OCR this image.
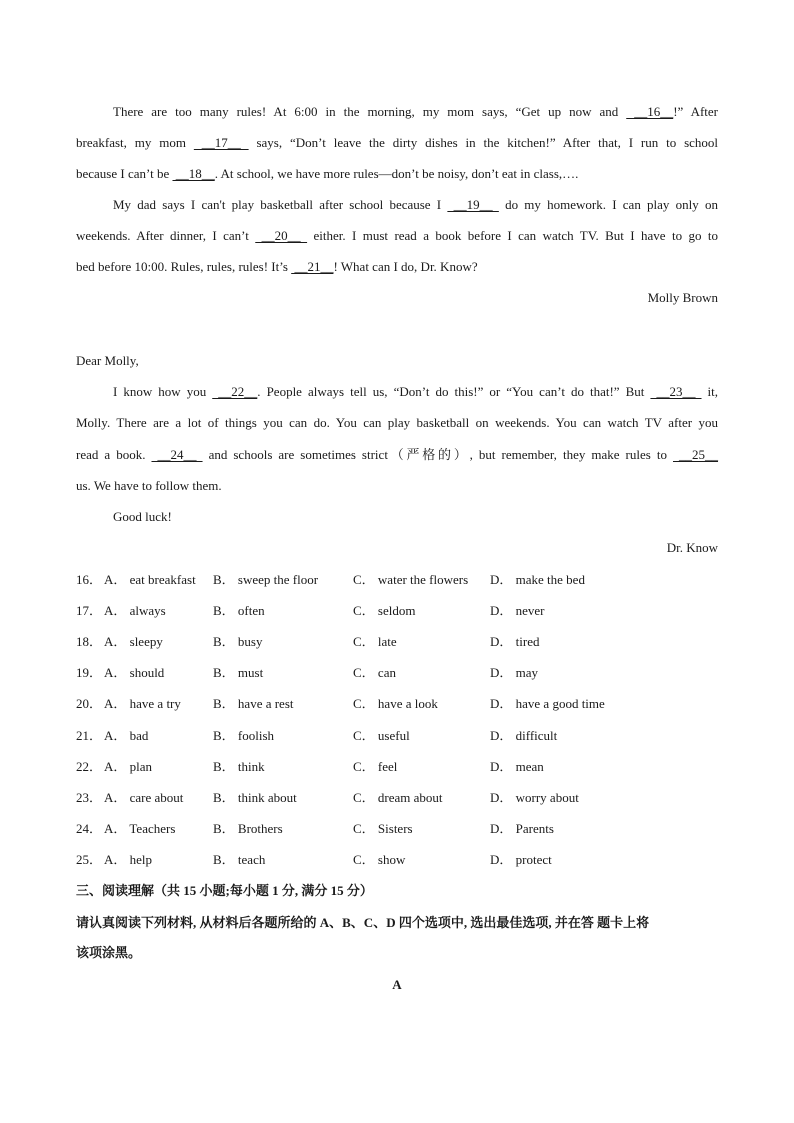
There are too many rules! At 6:00 in the morning, my mom says, “Get up now and  __16__!” After
breakfast, my mom  __17__  says, “Don’t leave the dirty dishes in the kitchen!” After that, I run to school
because I can’t be  __18__. At school, we have more rules—don’t be noisy, don’t eat in class,….
My dad says I can't play basketball after school because I  __19__  do my homework. I can play only on
weekends. After dinner, I can’t  __20__  either. I must read a book before I can watch TV. But I have to go to
bed before 10:00. Rules, rules, rules! It’s  __21__! What can I do, Dr. Know?
Molly Brown
Dear Molly,
I know how you  __22__. People always tell us, “Don’t do this!” or “You can’t do that!” But  __23__  it,
Molly. There are a lot of things you can do. You can play basketball on weekends. You can watch TV after you
read a book.  __24__  and schools are sometimes strict（严格的）, but remember, they make rules to  __25__
us. We have to follow them.
Good luck!
Dr. Know
16． A． eat breakfast B． sweep the floor	C． water the flowers D． make the bed
17． A． always	B． often	C． seldom	D． never
18． A． sleepy	B． busy	C． late	D． tired
19． A． should	B． must	C． can	D． may
20． A． have a try B． have a rest	C． have a look	D． have a good time
21． A． bad	B． foolish	C． useful	D． difficult
22． A． plan	B． think	C． feel	D． mean
23． A． care about B． think about	C． dream about	D． worry about
24． A． Teachers	B． Brothers	C． Sisters	D． Parents
25． A． help	B． teach	C． show	D． protect
三、阅读理解（共 15 小题;每小题 1 分, 满分 15 分）
请认真阅读下列材料, 从材料后各题所给的 A、B、C、D 四个选项中, 选出最佳选项, 并在答 题卡上将
该项涂黑。
A
